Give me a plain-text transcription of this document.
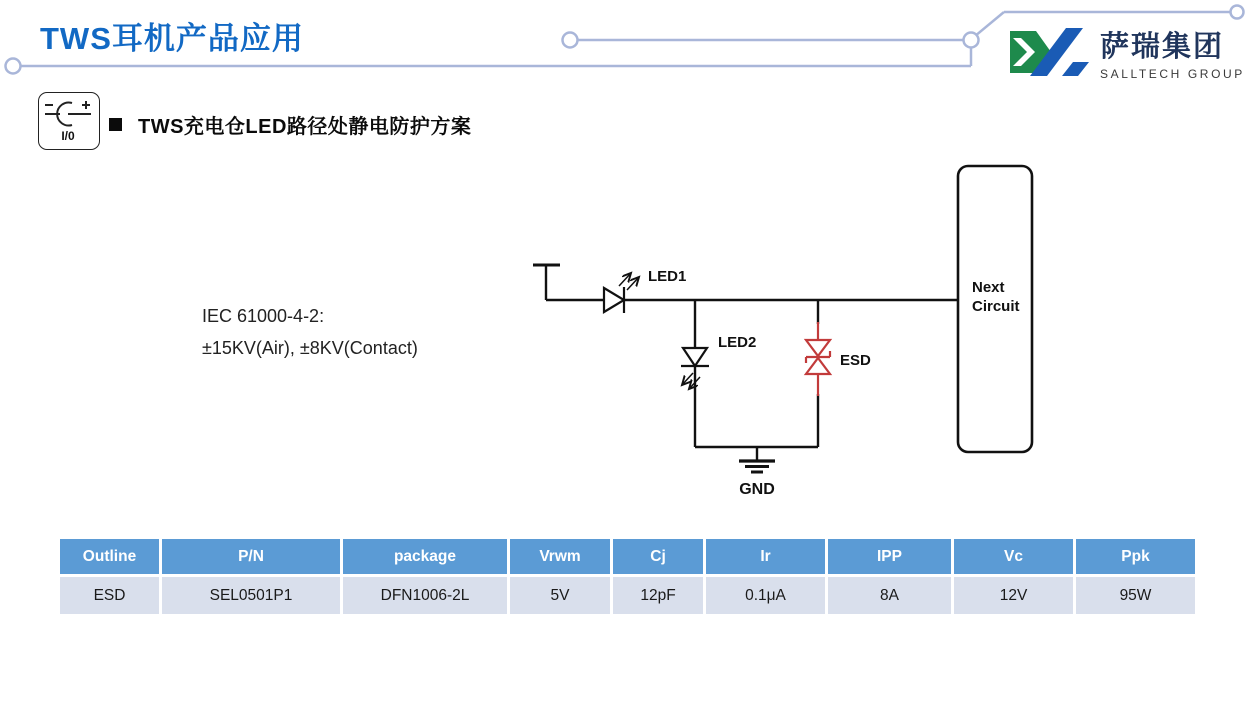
TWS耳机产品应用	萨瑞集团
SALLTECH GROUP
I/0	TWS充电仓LED路径处静电防护方案
IEC 61000-4-2:
±15KV(Air), ±8KV(Contact)
LED1
LED2
ESD
GND
Next
Circuit
Outline	P/N	package	Vrwm	Cj	Ir	IPP	Vc	Ppk
ESD	SEL0501P1	DFN1006-2L	5V	12pF	0.1μA	8A	12V	95W
